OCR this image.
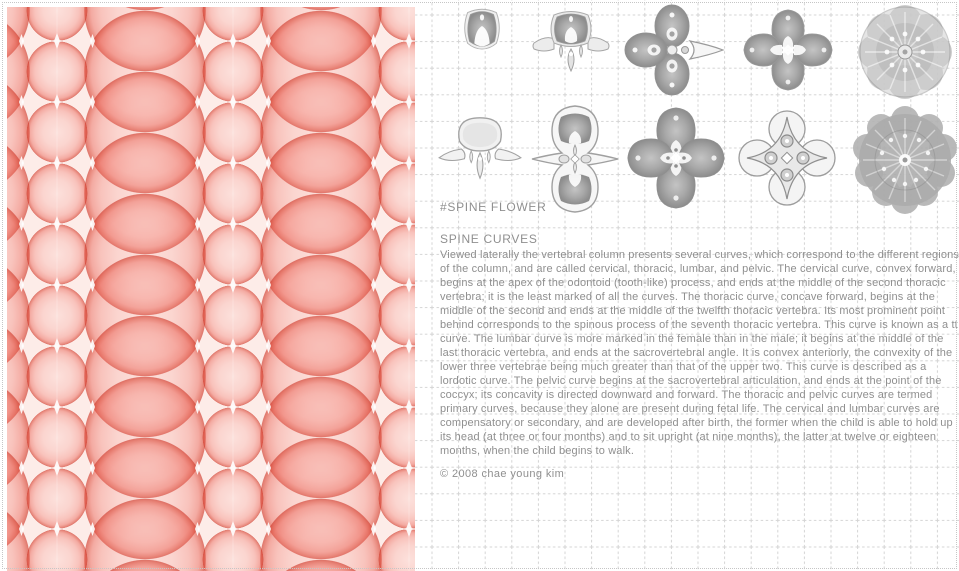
#SPINE FLOWER
SPINE CURVES
Viewed laterally the vertebral column presents several curves, which correspond to the different regions of the column, and are called cervical, thoracic, lumbar, and pelvic. The cervical curve, convex forward, begins at the apex of the odontoid (tooth-like) process, and ends at the middle of the second thoracic vertebra; it is the least marked of all the curves. The thoracic curve, concave forward, begins at the middle of the second and ends at the middle of the twelfth thoracic vertebra. Its most prominent point behind corresponds to the spinous process of the seventh thoracic vertebra. This curve is known as a tt curve. The lumbar curve is more marked in the female than in the male; it begins at the middle of the last thoracic vertebra, and ends at the sacrovertebral angle. It is convex anteriorly, the convexity of the lower three vertebrae being much greater than that of the upper two. This curve is described as a lordotic curve. The pelvic curve begins at the sacrovertebral articulation, and ends at the point of the coccyx; its concavity is directed downward and forward. The thoracic and pelvic curves are termed primary curves, because they alone are present during fetal life. The cervical and lumbar curves are compensatory or secondary, and are developed after birth, the former when the child is able to hold up its head (at three or four months) and to sit upright (at nine months), the latter at twelve or eighteen months, when the child begins to walk.
© 2008 chae young kim
